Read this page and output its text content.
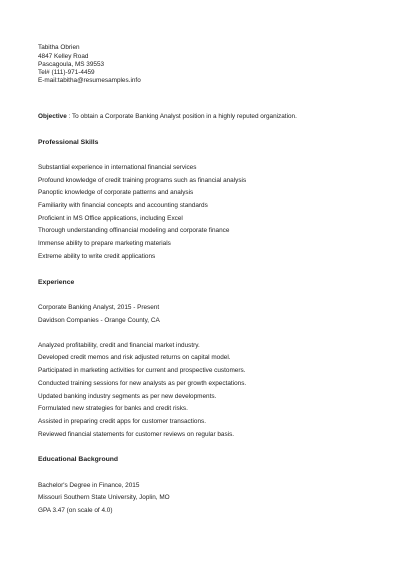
Tabitha Obrien
4847 Kelley Road
Pascagoula, MS 39553
Tel# (111)-971-4459
E-mail:tabitha@resumesamples.info
Objective : To obtain a Corporate Banking Analyst position in a highly reputed organization.
Professional Skills
Substantial experience in international financial services
Profound knowledge of credit training programs such as financial analysis
Panoptic knowledge of corporate patterns and analysis
Familiarity with financial concepts and accounting standards
Proficient in MS Office applications, including Excel
Thorough understanding offinancial modeling and corporate finance
Immense ability to prepare marketing materials
Extreme ability to write credit applications
Experience
Corporate Banking Analyst, 2015 - Present
Davidson Companies - Orange County, CA
Analyzed profitability, credit and financial market industry.
Developed credit memos and risk adjusted returns on capital model.
Participated in marketing activities for current and prospective customers.
Conducted training sessions for new analysts as per growth expectations.
Updated banking industry segments as per new developments.
Formulated new strategies for banks and credit risks.
Assisted in preparing credit apps for customer transactions.
Reviewed financial statements for customer reviews on regular basis.
Educational Background
Bachelor's Degree in Finance, 2015
Missouri Southern State University, Joplin, MO
GPA 3.47 (on scale of 4.0)
